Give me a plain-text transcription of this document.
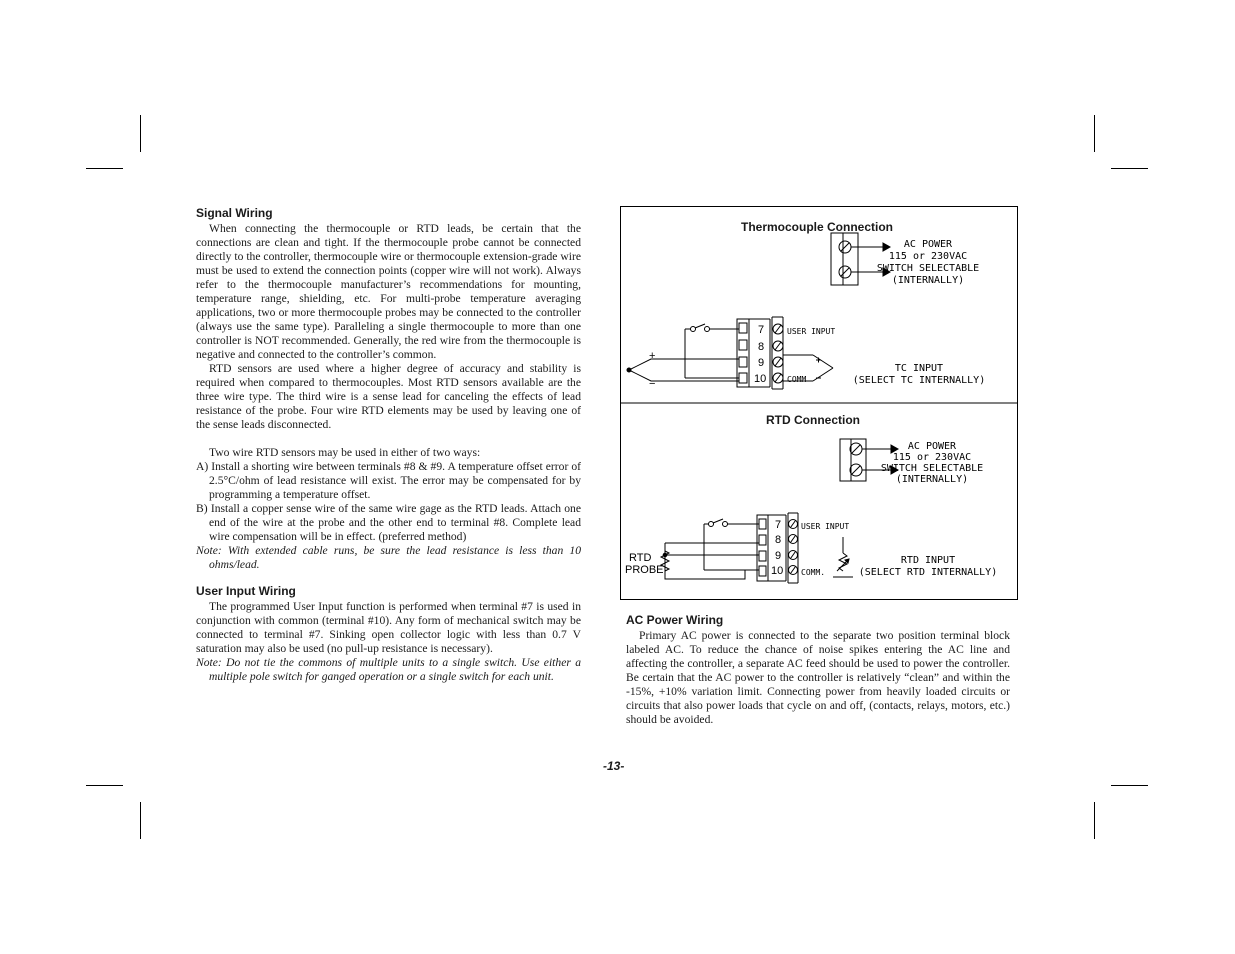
Signal Wiring

When connecting the thermocouple or RTD leads, be certain that the connections are clean and tight. If the thermocouple probe cannot be connected directly to the controller, thermocouple wire or thermocouple extension-grade wire must be used to extend the connection points (copper wire will not work). Always refer to the thermocouple manufacturer’s recommendations for mounting, temperature range, shielding, etc. For multi-probe temperature averaging applications, two or more thermocouple probes may be connected to the controller (always use the same type). Paralleling a single thermocouple to more than one controller is NOT recommended. Generally, the red wire from the thermocouple is negative and connected to the controller’s common.

RTD sensors are used where a higher degree of accuracy and stability is required when compared to thermocouples. Most RTD sensors available are the three wire type. The third wire is a sense lead for canceling the effects of lead resistance of the probe. Four wire RTD elements may be used by leaving one of the sense leads disconnected.

Two wire RTD sensors may be used in either of two ways:

A) Install a shorting wire between terminals #8 & #9. A temperature offset error of 2.5°C/ohm of lead resistance will exist. The error may be compensated for by programming a temperature offset.

B) Install a copper sense wire of the same wire gage as the RTD leads. Attach one end of the wire at the probe and the other end to terminal #8. Complete lead wire compensation will be in effect. (preferred method)

Note: With extended cable runs, be sure the lead resistance is less than 10 ohms/lead.

User Input Wiring

The programmed User Input function is performed when terminal #7 is used in conjunction with common (terminal #10). Any form of mechanical switch may be connected to terminal #7. Sinking open collector logic with less than 0.7 V saturation may also be used (no pull-up resistance is necessary).

Note: Do not tie the commons of multiple units to a single switch. Use either a multiple pole switch for ganged operation or a single switch for each unit.

Thermocouple Connection
RTD Connection
AC POWER
115 or 230VAC
SWITCH SELECTABLE
(INTERNALLY)
7
8
9
10
USER INPUT
COMM
+
−
TC INPUT
(SELECT TC INTERNALLY)
AC POWER
115 or 230VAC
SWITCH SELECTABLE
(INTERNALLY)
7
8
9
10
USER INPUT
COMM.
RTD
PROBE
RTD INPUT
(SELECT RTD INTERNALLY)
AC Power Wiring

Primary AC power is connected to the separate two position terminal block labeled AC. To reduce the chance of noise spikes entering the AC line and affecting the controller, a separate AC feed should be used to power the controller. Be certain that the AC power to the controller is relatively “clean” and within the -15%, +10% variation limit. Connecting power from heavily loaded circuits or circuits that also power loads that cycle on and off, (contacts, relays, motors, etc.) should be avoided.

-13-
